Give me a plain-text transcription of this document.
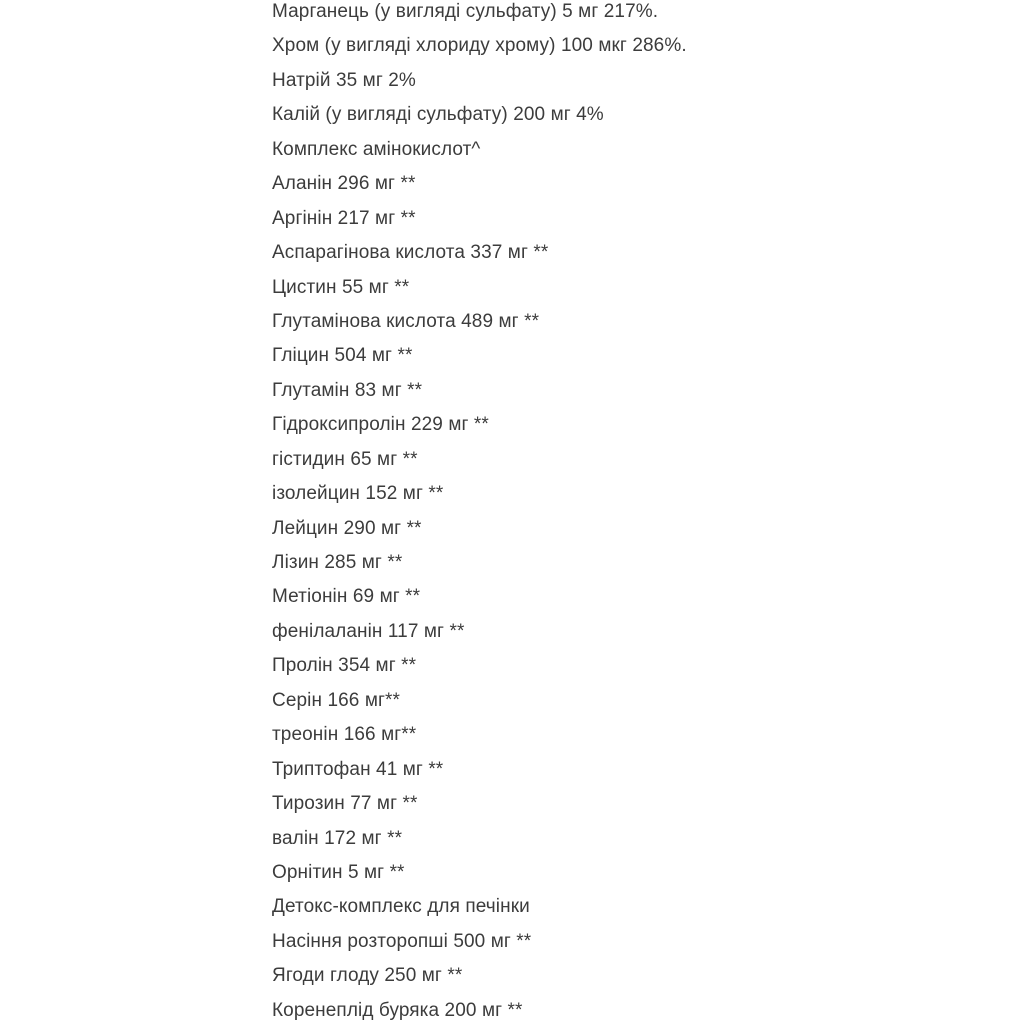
Марганець (у вигляді сульфату) 5 мг 217%.
Хром (у вигляді хлориду хрому) 100 мкг 286%.
Натрій 35 мг 2%
Калій (у вигляді сульфату) 200 мг 4%
Комплекс амінокислот^
Аланін 296 мг **
Аргінін 217 мг **
Аспарагінова кислота 337 мг **
Цистин 55 мг **
Глутамінова кислота 489 мг **
Гліцин 504 мг **
Глутамін 83 мг **
Гідроксипролін 229 мг **
гістидин 65 мг **
ізолейцин 152 мг **
Лейцин 290 мг **
Лізин 285 мг **
Метіонін 69 мг **
фенілаланін 117 мг **
Пролін 354 мг **
Серін 166 мг**
треонін 166 мг**
Триптофан 41 мг **
Тирозин 77 мг **
валін 172 мг **
Орнітин 5 мг **
Детокс-комплекс для печінки
Насіння розторопші 500 мг **
Ягоди глоду 250 мг **
Коренеплід буряка 200 мг **
